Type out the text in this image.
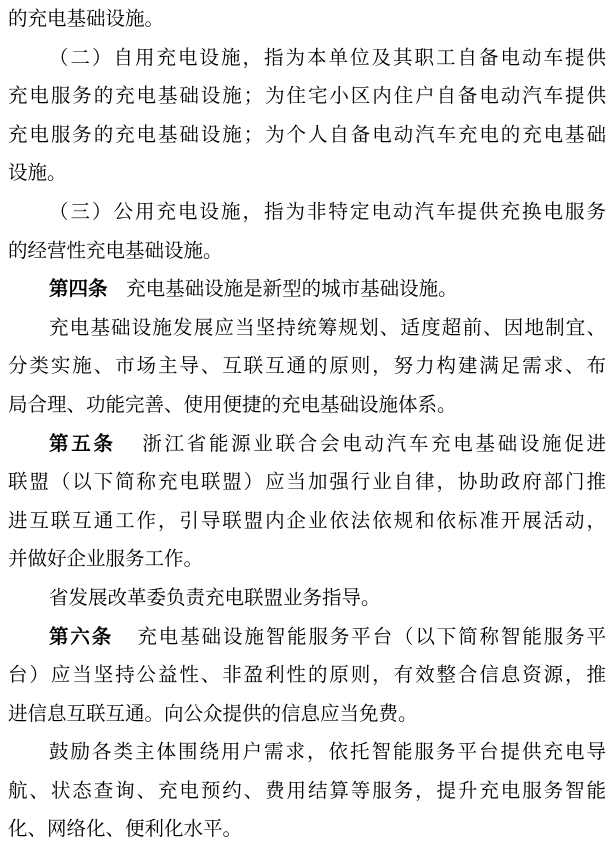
的充电基础设施。
（二）自用充电设施，指为本单位及其职工自备电动车提供
充电服务的充电基础设施；为住宅小区内住户自备电动汽车提供
充电服务的充电基础设施；为个人自备电动汽车充电的充电基础
设施。
（三）公用充电设施，指为非特定电动汽车提供充换电服务
的经营性充电基础设施。
第四条 充电基础设施是新型的城市基础设施。
充电基础设施发展应当坚持统筹规划、适度超前、因地制宜、
分类实施、市场主导、互联互通的原则，努力构建满足需求、布
局合理、功能完善、使用便捷的充电基础设施体系。
第五条 浙江省能源业联合会电动汽车充电基础设施促进
联盟（以下简称充电联盟）应当加强行业自律，协助政府部门推
进互联互通工作，引导联盟内企业依法依规和依标准开展活动，
并做好企业服务工作。
省发展改革委负责充电联盟业务指导。
第六条 充电基础设施智能服务平台（以下简称智能服务平
台）应当坚持公益性、非盈利性的原则，有效整合信息资源，推
进信息互联互通。向公众提供的信息应当免费。
鼓励各类主体围绕用户需求，依托智能服务平台提供充电导
航、状态查询、充电预约、费用结算等服务，提升充电服务智能
化、网络化、便利化水平。
